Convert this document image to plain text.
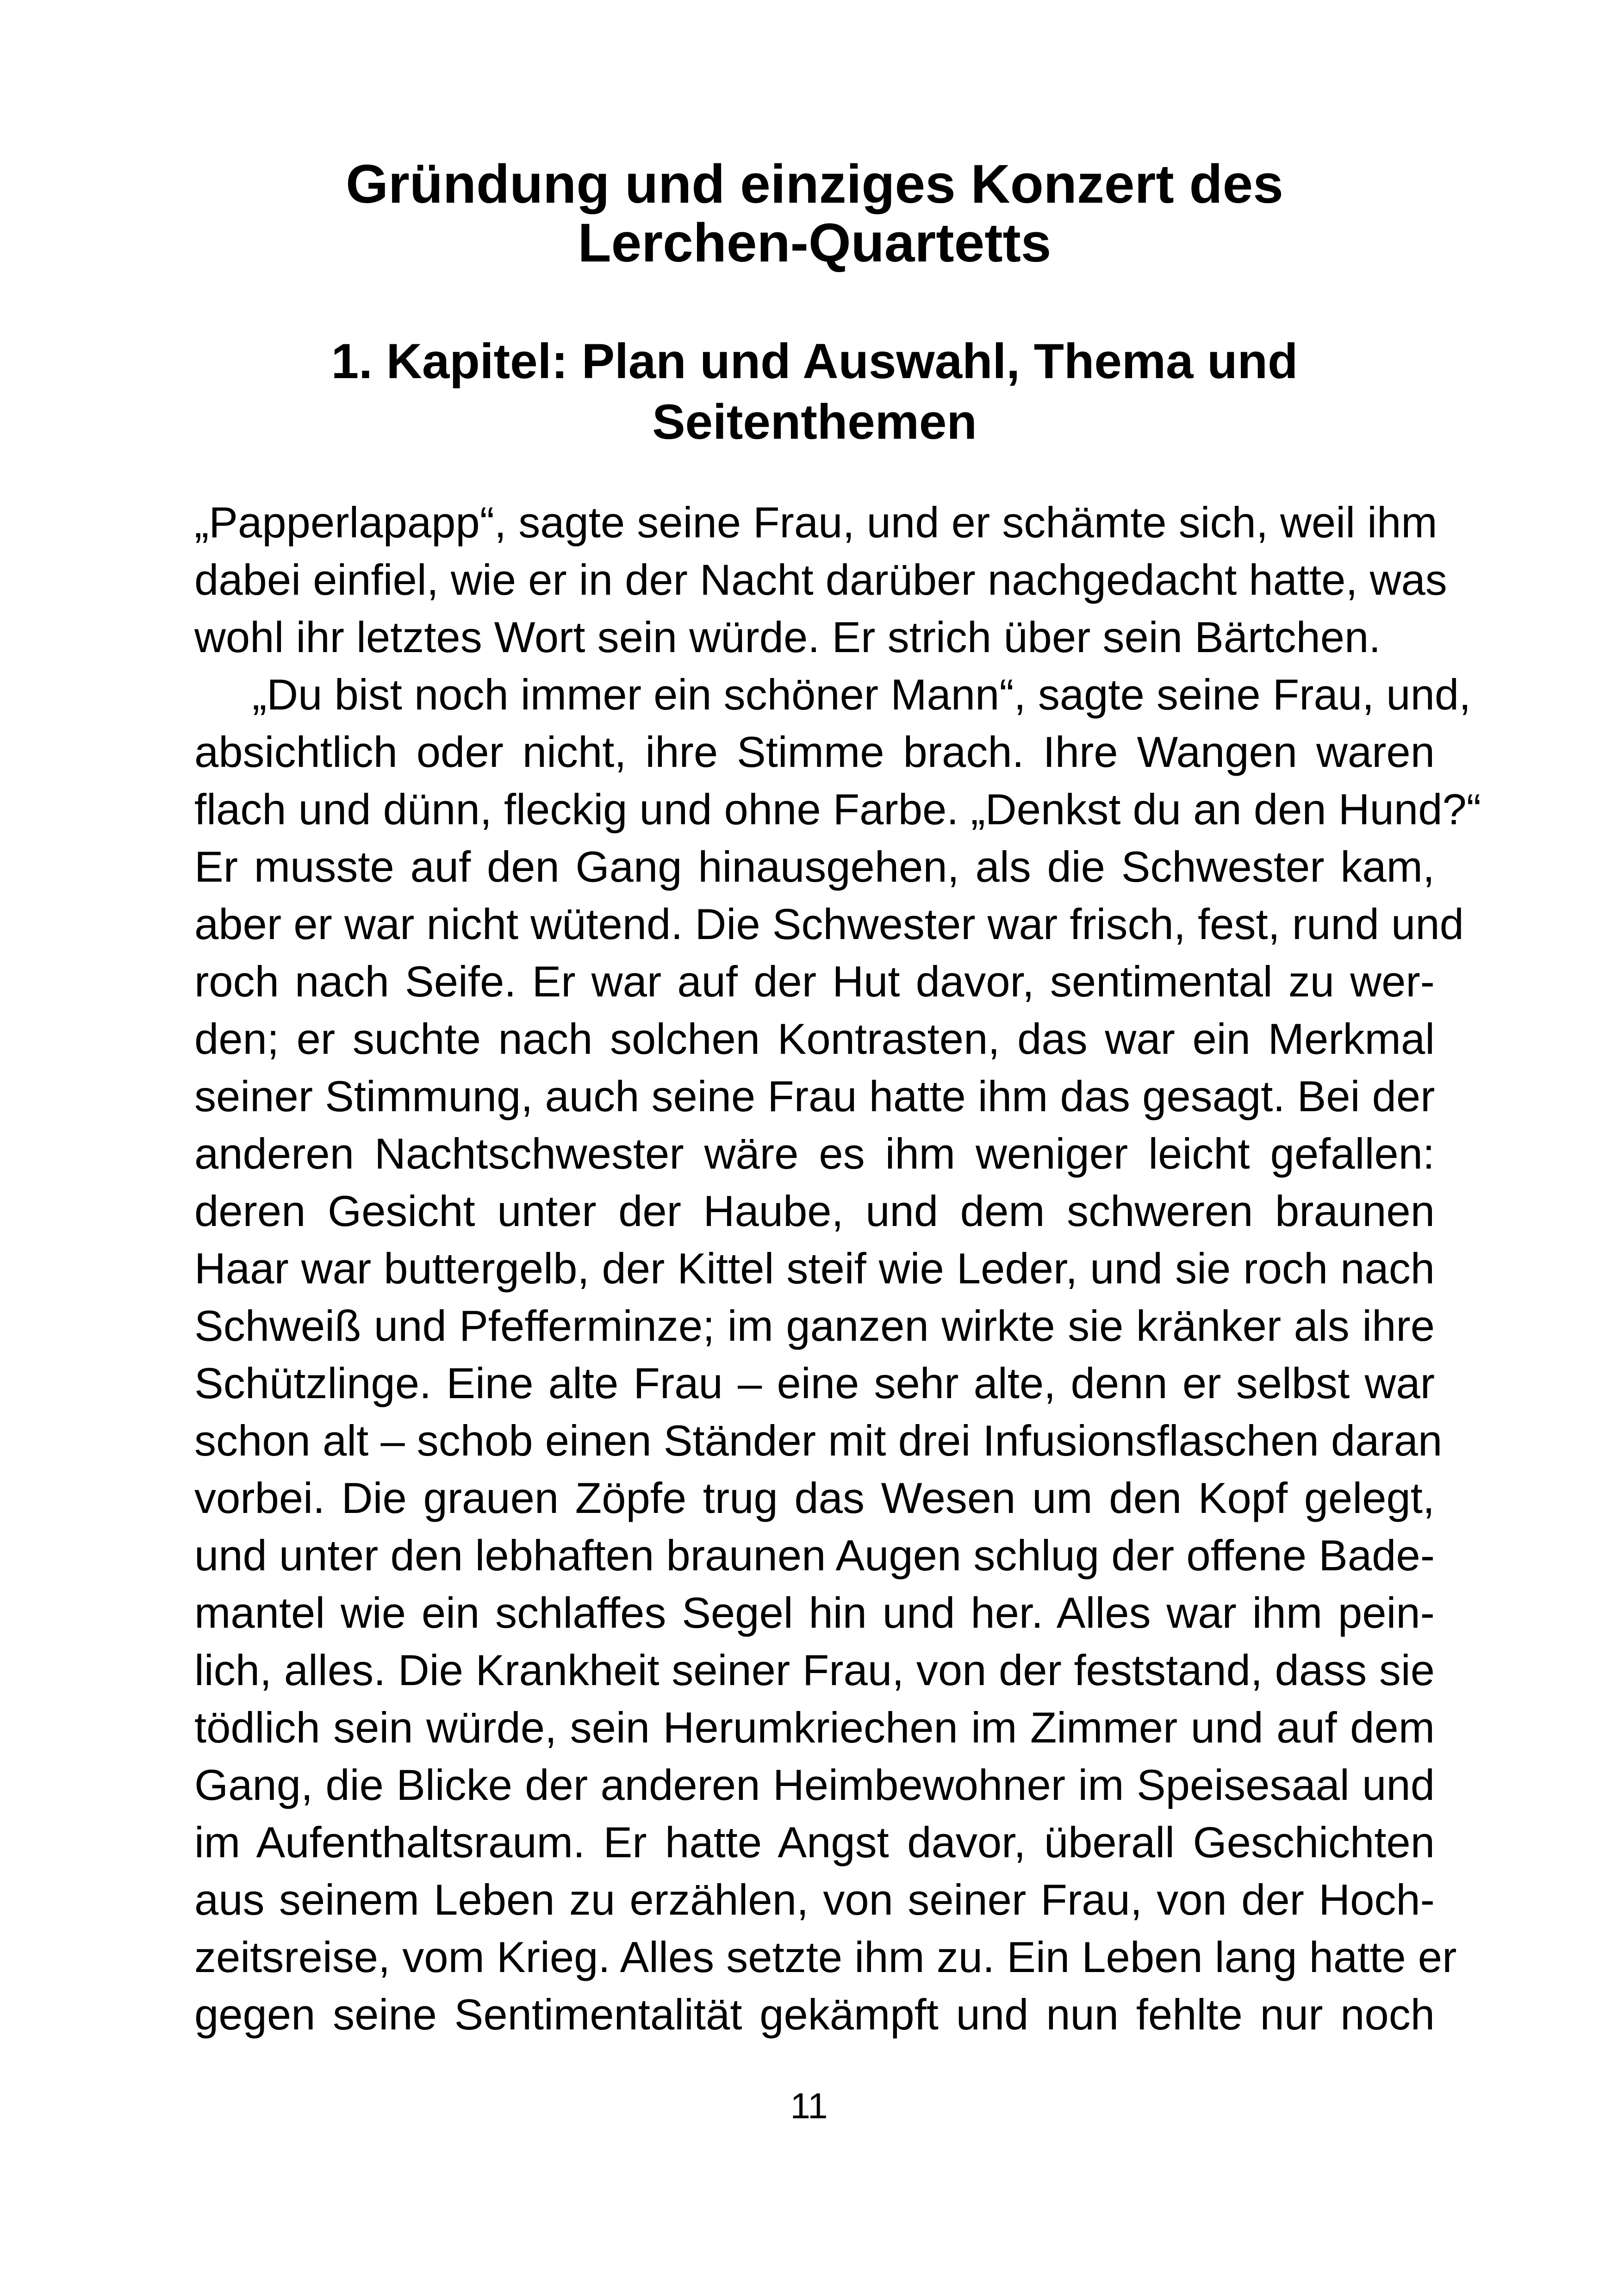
Gründung und einziges Konzert des
Lerchen-Quartetts
1. Kapitel: Plan und Auswahl, Thema und
Seitenthemen
„Papperlapapp“, sagte seine Frau, und er schämte sich, weil ihm
dabei einfiel, wie er in der Nacht darüber nachgedacht hatte, was
wohl ihr letztes Wort sein würde. Er strich über sein Bärtchen.
„Du bist noch immer ein schöner Mann“, sagte seine Frau, und,
absichtlich oder nicht, ihre Stimme brach. Ihre Wangen waren
flach und dünn, fleckig und ohne Farbe. „Denkst du an den Hund?“
Er musste auf den Gang hinausgehen, als die Schwester kam,
aber er war nicht wütend. Die Schwester war frisch, fest, rund und
roch nach Seife. Er war auf der Hut davor, sentimental zu wer-
den; er suchte nach solchen Kontrasten, das war ein Merkmal
seiner Stimmung, auch seine Frau hatte ihm das gesagt. Bei der
anderen Nachtschwester wäre es ihm weniger leicht gefallen:
deren Gesicht unter der Haube, und dem schweren braunen
Haar war buttergelb, der Kittel steif wie Leder, und sie roch nach
Schweiß und Pfefferminze; im ganzen wirkte sie kränker als ihre
Schützlinge. Eine alte Frau – eine sehr alte, denn er selbst war
schon alt – schob einen Ständer mit drei Infusionsflaschen daran
vorbei. Die grauen Zöpfe trug das Wesen um den Kopf gelegt,
und unter den lebhaften braunen Augen schlug der offene Bade-
mantel wie ein schlaffes Segel hin und her. Alles war ihm pein-
lich, alles. Die Krankheit seiner Frau, von der feststand, dass sie
tödlich sein würde, sein Herumkriechen im Zimmer und auf dem
Gang, die Blicke der anderen Heimbewohner im Speisesaal und
im Aufenthaltsraum. Er hatte Angst davor, überall Geschichten
aus seinem Leben zu erzählen, von seiner Frau, von der Hoch-
zeitsreise, vom Krieg. Alles setzte ihm zu. Ein Leben lang hatte er
gegen seine Sentimentalität gekämpft und nun fehlte nur noch
11
